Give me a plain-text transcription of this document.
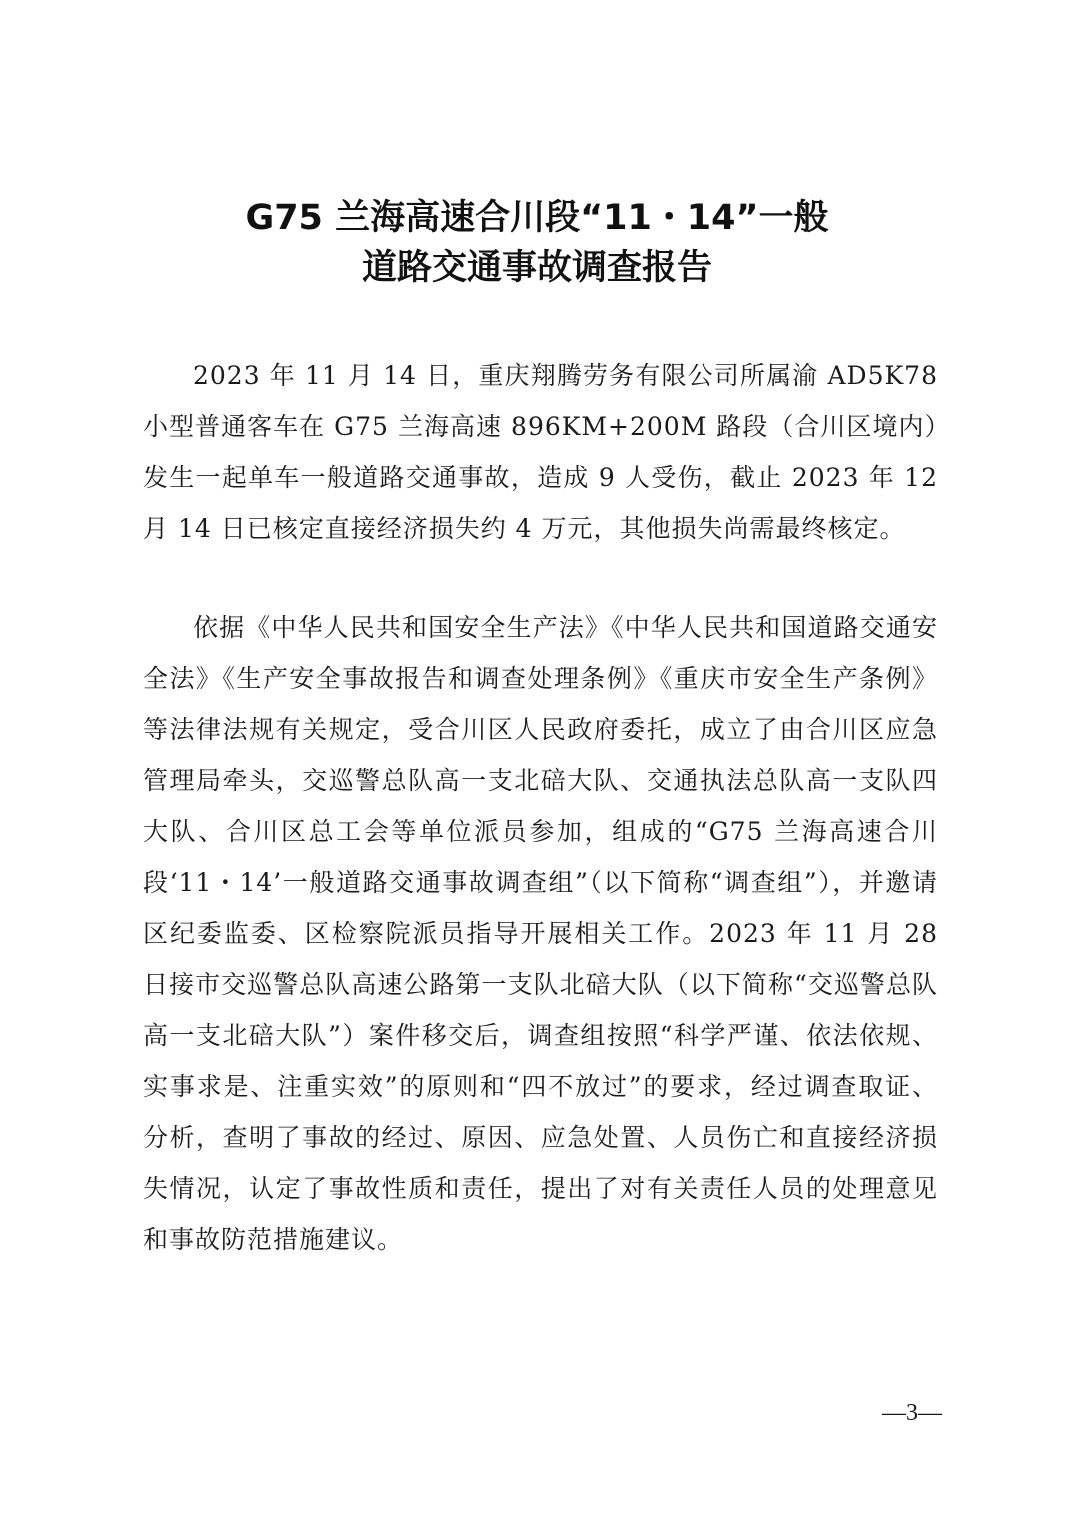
G75 兰海高速合川段“11・14”一般
道路交通事故调查报告

2023 年 11 月 14 日，重庆翔腾劳务有限公司所属渝 AD5K78 小型普通客车在 G75 兰海高速 896KM+200M 路段（合川区境内）发生一起单车一般道路交通事故，造成 9 人受伤，截止 2023 年 12 月 14 日已核定直接经济损失约 4 万元，其他损失尚需最终核定。

依据《中华人民共和国安全生产法》《中华人民共和国道路交通安全法》《生产安全事故报告和调查处理条例》《重庆市安全生产条例》等法律法规有关规定，受合川区人民政府委托，成立了由合川区应急管理局牵头，交巡警总队高一支北碚大队、交通执法总队高一支队四大队、合川区总工会等单位派员参加，组成的“G75 兰海高速合川段‘11・14’一般道路交通事故调查组”（以下简称“调查组”），并邀请区纪委监委、区检察院派员指导开展相关工作。2023 年 11 月 28 日接市交巡警总队高速公路第一支队北碚大队（以下简称“交巡警总队高一支北碚大队”）案件移交后，调查组按照“科学严谨、依法依规、实事求是、注重实效”的原则和“四不放过”的要求，经过调查取证、分析，查明了事故的经过、原因、应急处置、人员伤亡和直接经济损失情况，认定了事故性质和责任，提出了对有关责任人员的处理意见和事故防范措施建议。

—3—
